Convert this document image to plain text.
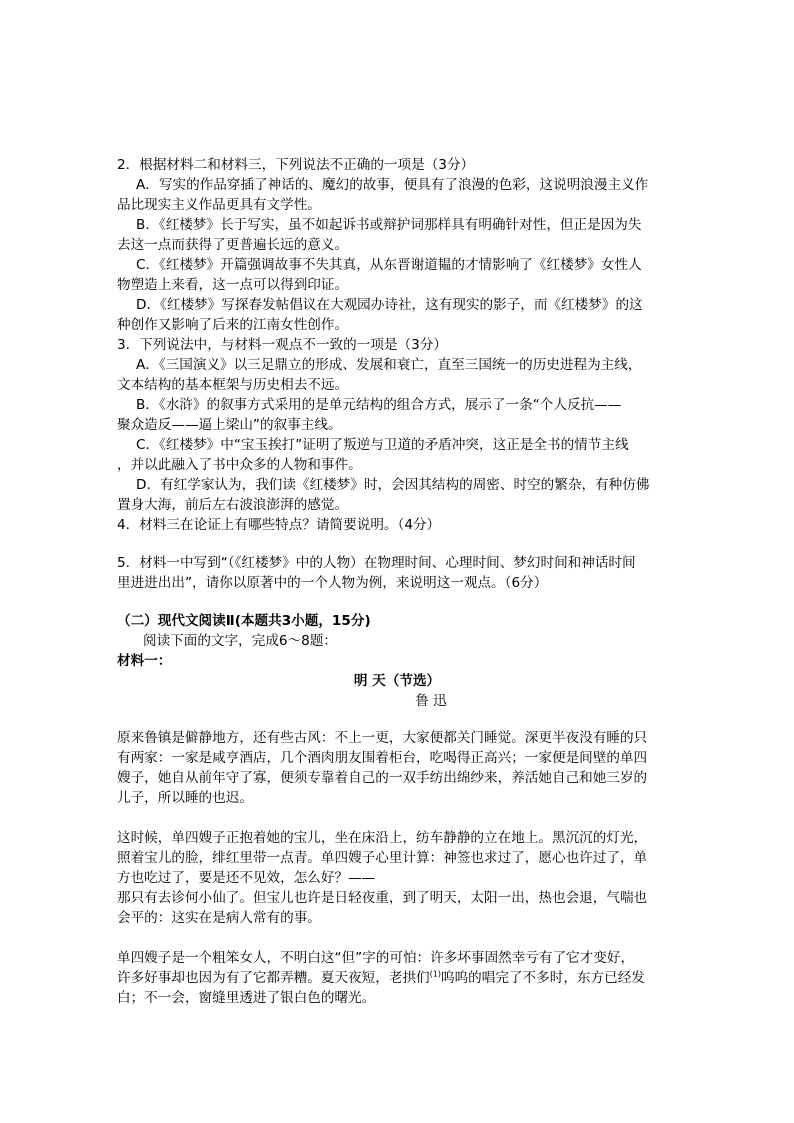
2．根据材料二和材料三，下列说法不正确的一项是（3分）
A．写实的作品穿插了神话的、魔幻的故事，便具有了浪漫的色彩，这说明浪漫主义作
品比现实主义作品更具有文学性。
B．《红楼梦》长于写实，虽不如起诉书或辩护词那样具有明确针对性，但正是因为失
去这一点而获得了更普遍长远的意义。
C．《红楼梦》开篇强调故事不失其真，从东晋谢道韫的才情影响了《红楼梦》女性人
物塑造上来看，这一点可以得到印证。
D．《红楼梦》写探春发帖倡议在大观园办诗社，这有现实的影子，而《红楼梦》的这
种创作又影响了后来的江南女性创作。
3．下列说法中，与材料一观点不一致的一项是（3分）
A．《三国演义》以三足鼎立的形成、发展和衰亡，直至三国统一的历史进程为主线，
文本结构的基本框架与历史相去不远。
B．《水浒》的叙事方式采用的是单元结构的组合方式，展示了一条“个人反抗——
聚众造反——逼上梁山”的叙事主线。
C．《红楼梦》中“宝玉挨打”证明了叛逆与卫道的矛盾冲突，这正是全书的情节主线
，并以此融入了书中众多的人物和事件。
D．有红学家认为，我们读《红楼梦》时，会因其结构的周密、时空的繁杂，有种仿佛
置身大海，前后左右波浪澎湃的感觉。
4．材料三在论证上有哪些特点？请简要说明。（4分）
5．材料一中写到“（《红楼梦》中的人物）在物理时间、心理时间、梦幻时间和神话时间
里进进出出”，请你以原著中的一个人物为例，来说明这一观点。（6分）
（二）现代文阅读Ⅱ(本题共3小题，15分)
阅读下面的文字，完成6～8题：
材料一：
明 天（节选）
鲁 迅
原来鲁镇是僻静地方，还有些古风：不上一更，大家便都关门睡觉。深更半夜没有睡的只
有两家：一家是咸亨酒店，几个酒肉朋友围着柜台，吃喝得正高兴；一家便是间壁的单四
嫂子，她自从前年守了寡，便须专靠着自己的一双手纺出绵纱来，养活她自己和她三岁的
儿子，所以睡的也迟。
这时候，单四嫂子正抱着她的宝儿，坐在床沿上，纺车静静的立在地上。黑沉沉的灯光，
照着宝儿的脸，绯红里带一点青。单四嫂子心里计算：神签也求过了，愿心也许过了，单
方也吃过了，要是还不见效，怎么好？——
那只有去诊何小仙了。但宝儿也许是日轻夜重，到了明天，太阳一出，热也会退，气喘也
会平的：这实在是病人常有的事。
单四嫂子是一个粗笨女人，不明白这“但”字的可怕：许多坏事固然幸亏有了它才变好，
许多好事却也因为有了它都弄糟。夏天夜短，老拱们$^{(1)}$呜呜的唱完了不多时，东方已经发
白；不一会，窗缝里透进了银白色的曙光。
